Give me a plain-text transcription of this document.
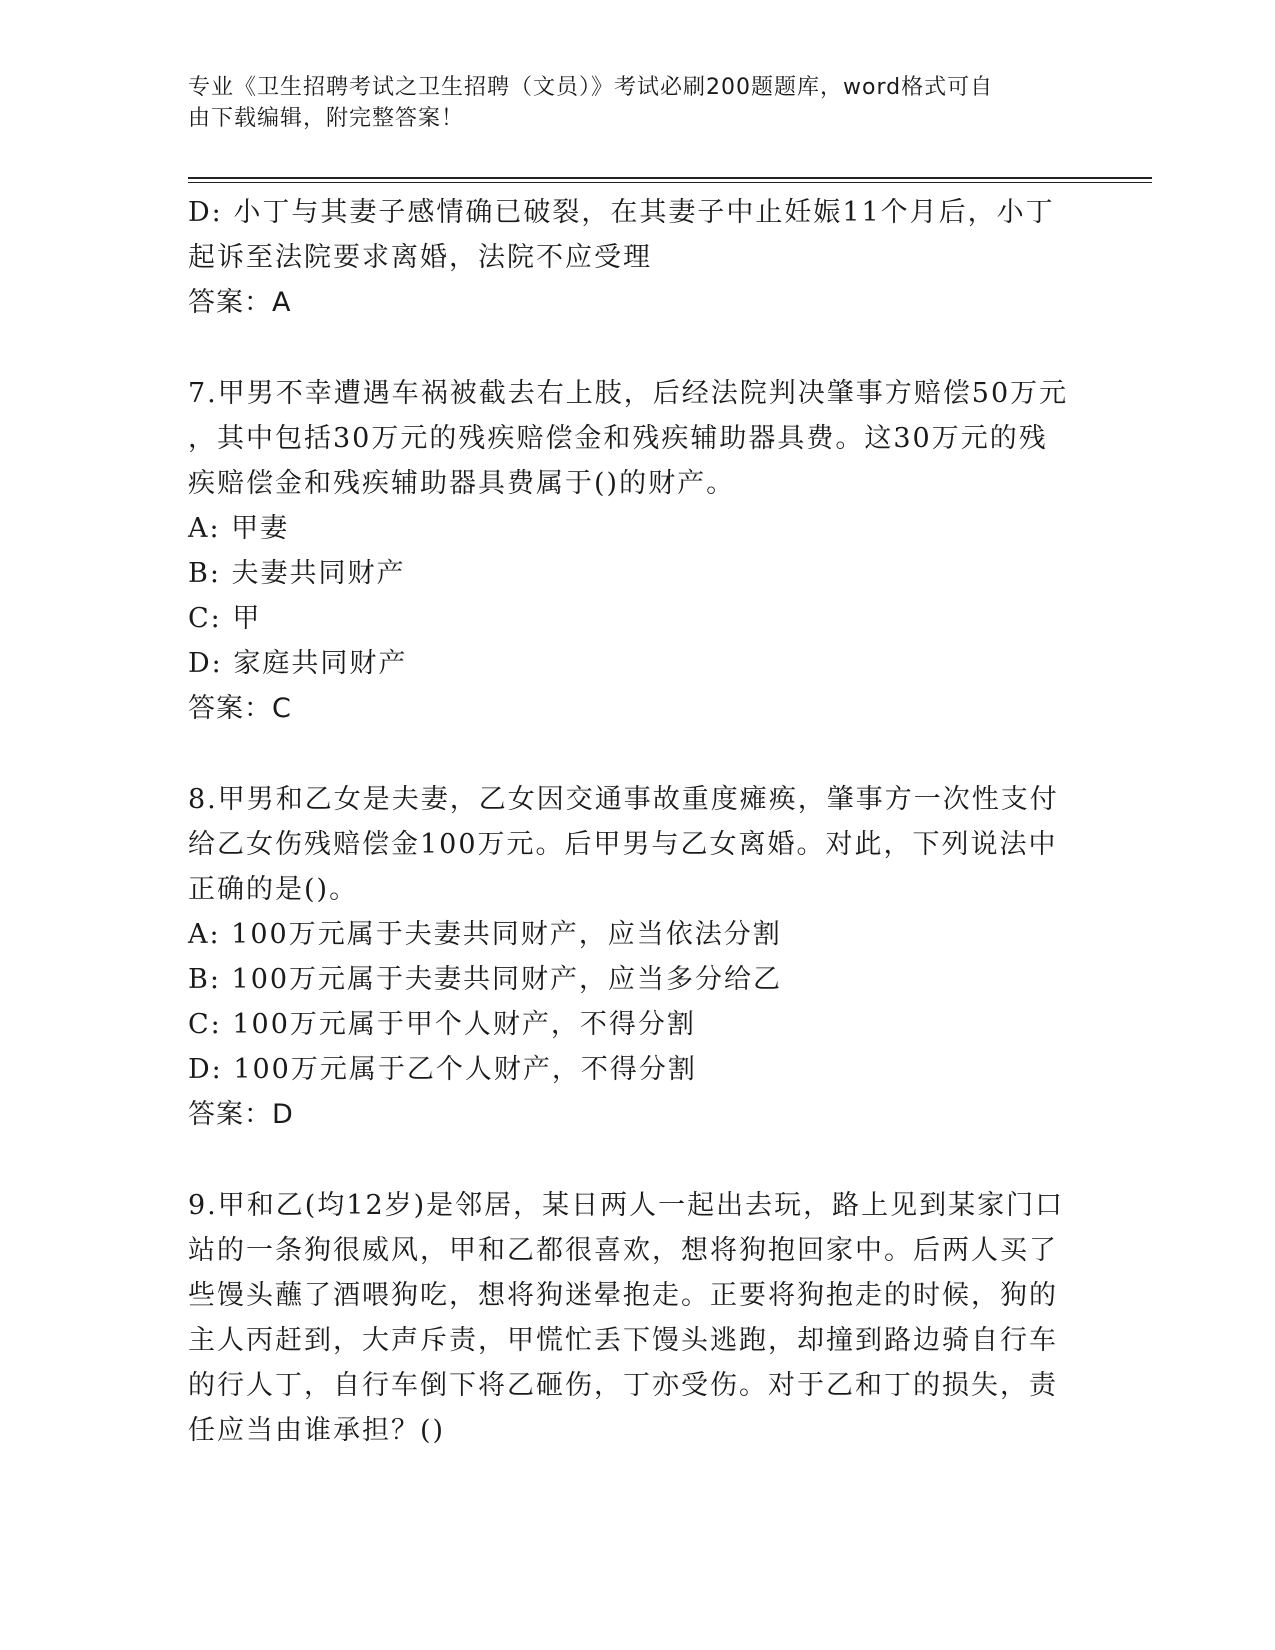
专业《卫生招聘考试之卫生招聘（文员）》考试必刷200题题库，word格式可自
由下载编辑，附完整答案！
D: 小丁与其妻子感情确已破裂，在其妻子中止妊娠11个月后，小丁
起诉至法院要求离婚，法院不应受理
答案：A
7.甲男不幸遭遇车祸被截去右上肢，后经法院判决肇事方赔偿50万元
，其中包括30万元的残疾赔偿金和残疾辅助器具费。这30万元的残
疾赔偿金和残疾辅助器具费属于()的财产。
A: 甲妻
B: 夫妻共同财产
C: 甲
D: 家庭共同财产
答案：C
8.甲男和乙女是夫妻，乙女因交通事故重度瘫痪，肇事方一次性支付
给乙女伤残赔偿金100万元。后甲男与乙女离婚。对此，下列说法中
正确的是()。
A: 100万元属于夫妻共同财产，应当依法分割
B: 100万元属于夫妻共同财产，应当多分给乙
C: 100万元属于甲个人财产，不得分割
D: 100万元属于乙个人财产，不得分割
答案：D
9.甲和乙(均12岁)是邻居，某日两人一起出去玩，路上见到某家门口
站的一条狗很威风，甲和乙都很喜欢，想将狗抱回家中。后两人买了
些馒头蘸了酒喂狗吃，想将狗迷晕抱走。正要将狗抱走的时候，狗的
主人丙赶到，大声斥责，甲慌忙丢下馒头逃跑，却撞到路边骑自行车
的行人丁，自行车倒下将乙砸伤，丁亦受伤。对于乙和丁的损失，责
任应当由谁承担？()
